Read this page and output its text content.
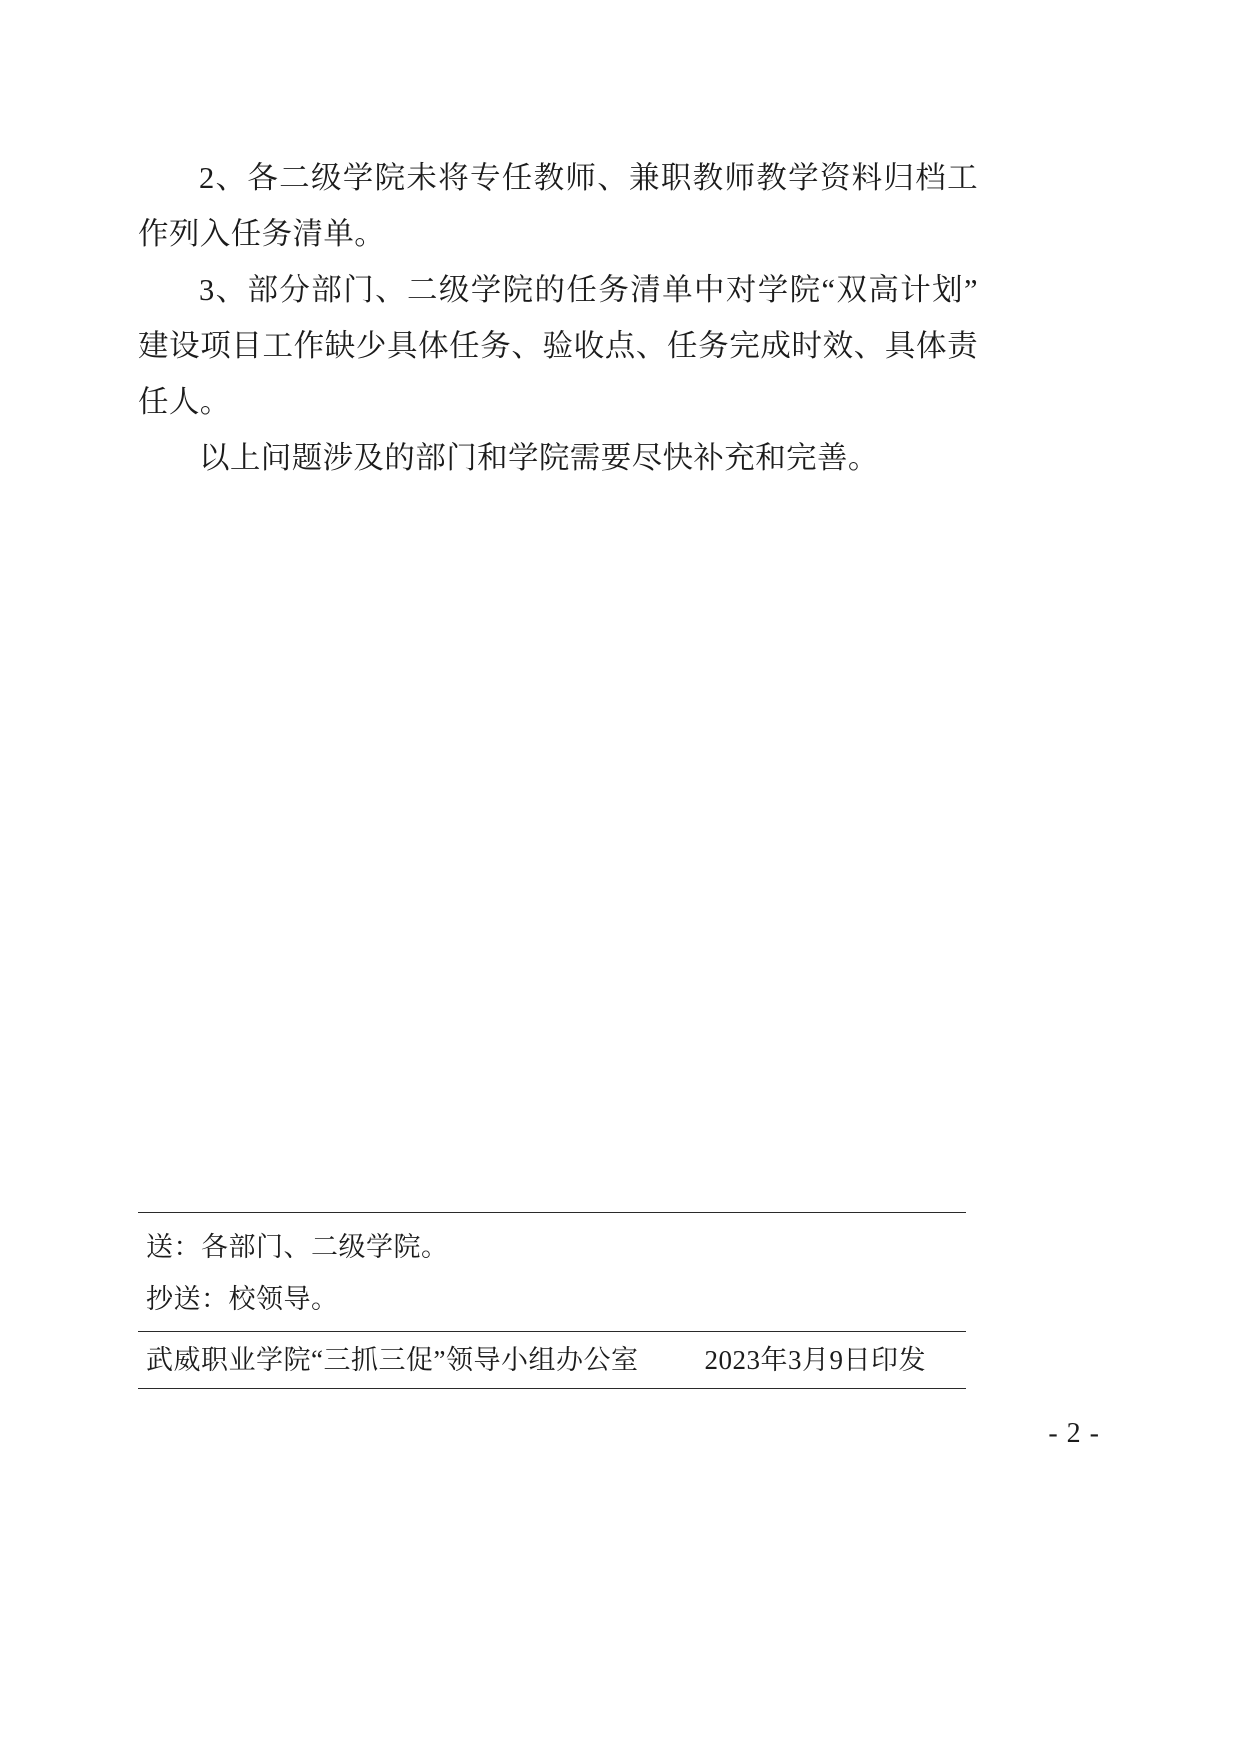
2、各二级学院未将专任教师、兼职教师教学资料归档工作列入任务清单。

3、部分部门、二级学院的任务清单中对学院“双高计划”建设项目工作缺少具体任务、验收点、任务完成时效、具体责任人。

以上问题涉及的部门和学院需要尽快补充和完善。

送：各部门、二级学院。
抄送：校领导。
武威职业学院“三抓三促”领导小组办公室 2023年3月9日印发
- 2 -
